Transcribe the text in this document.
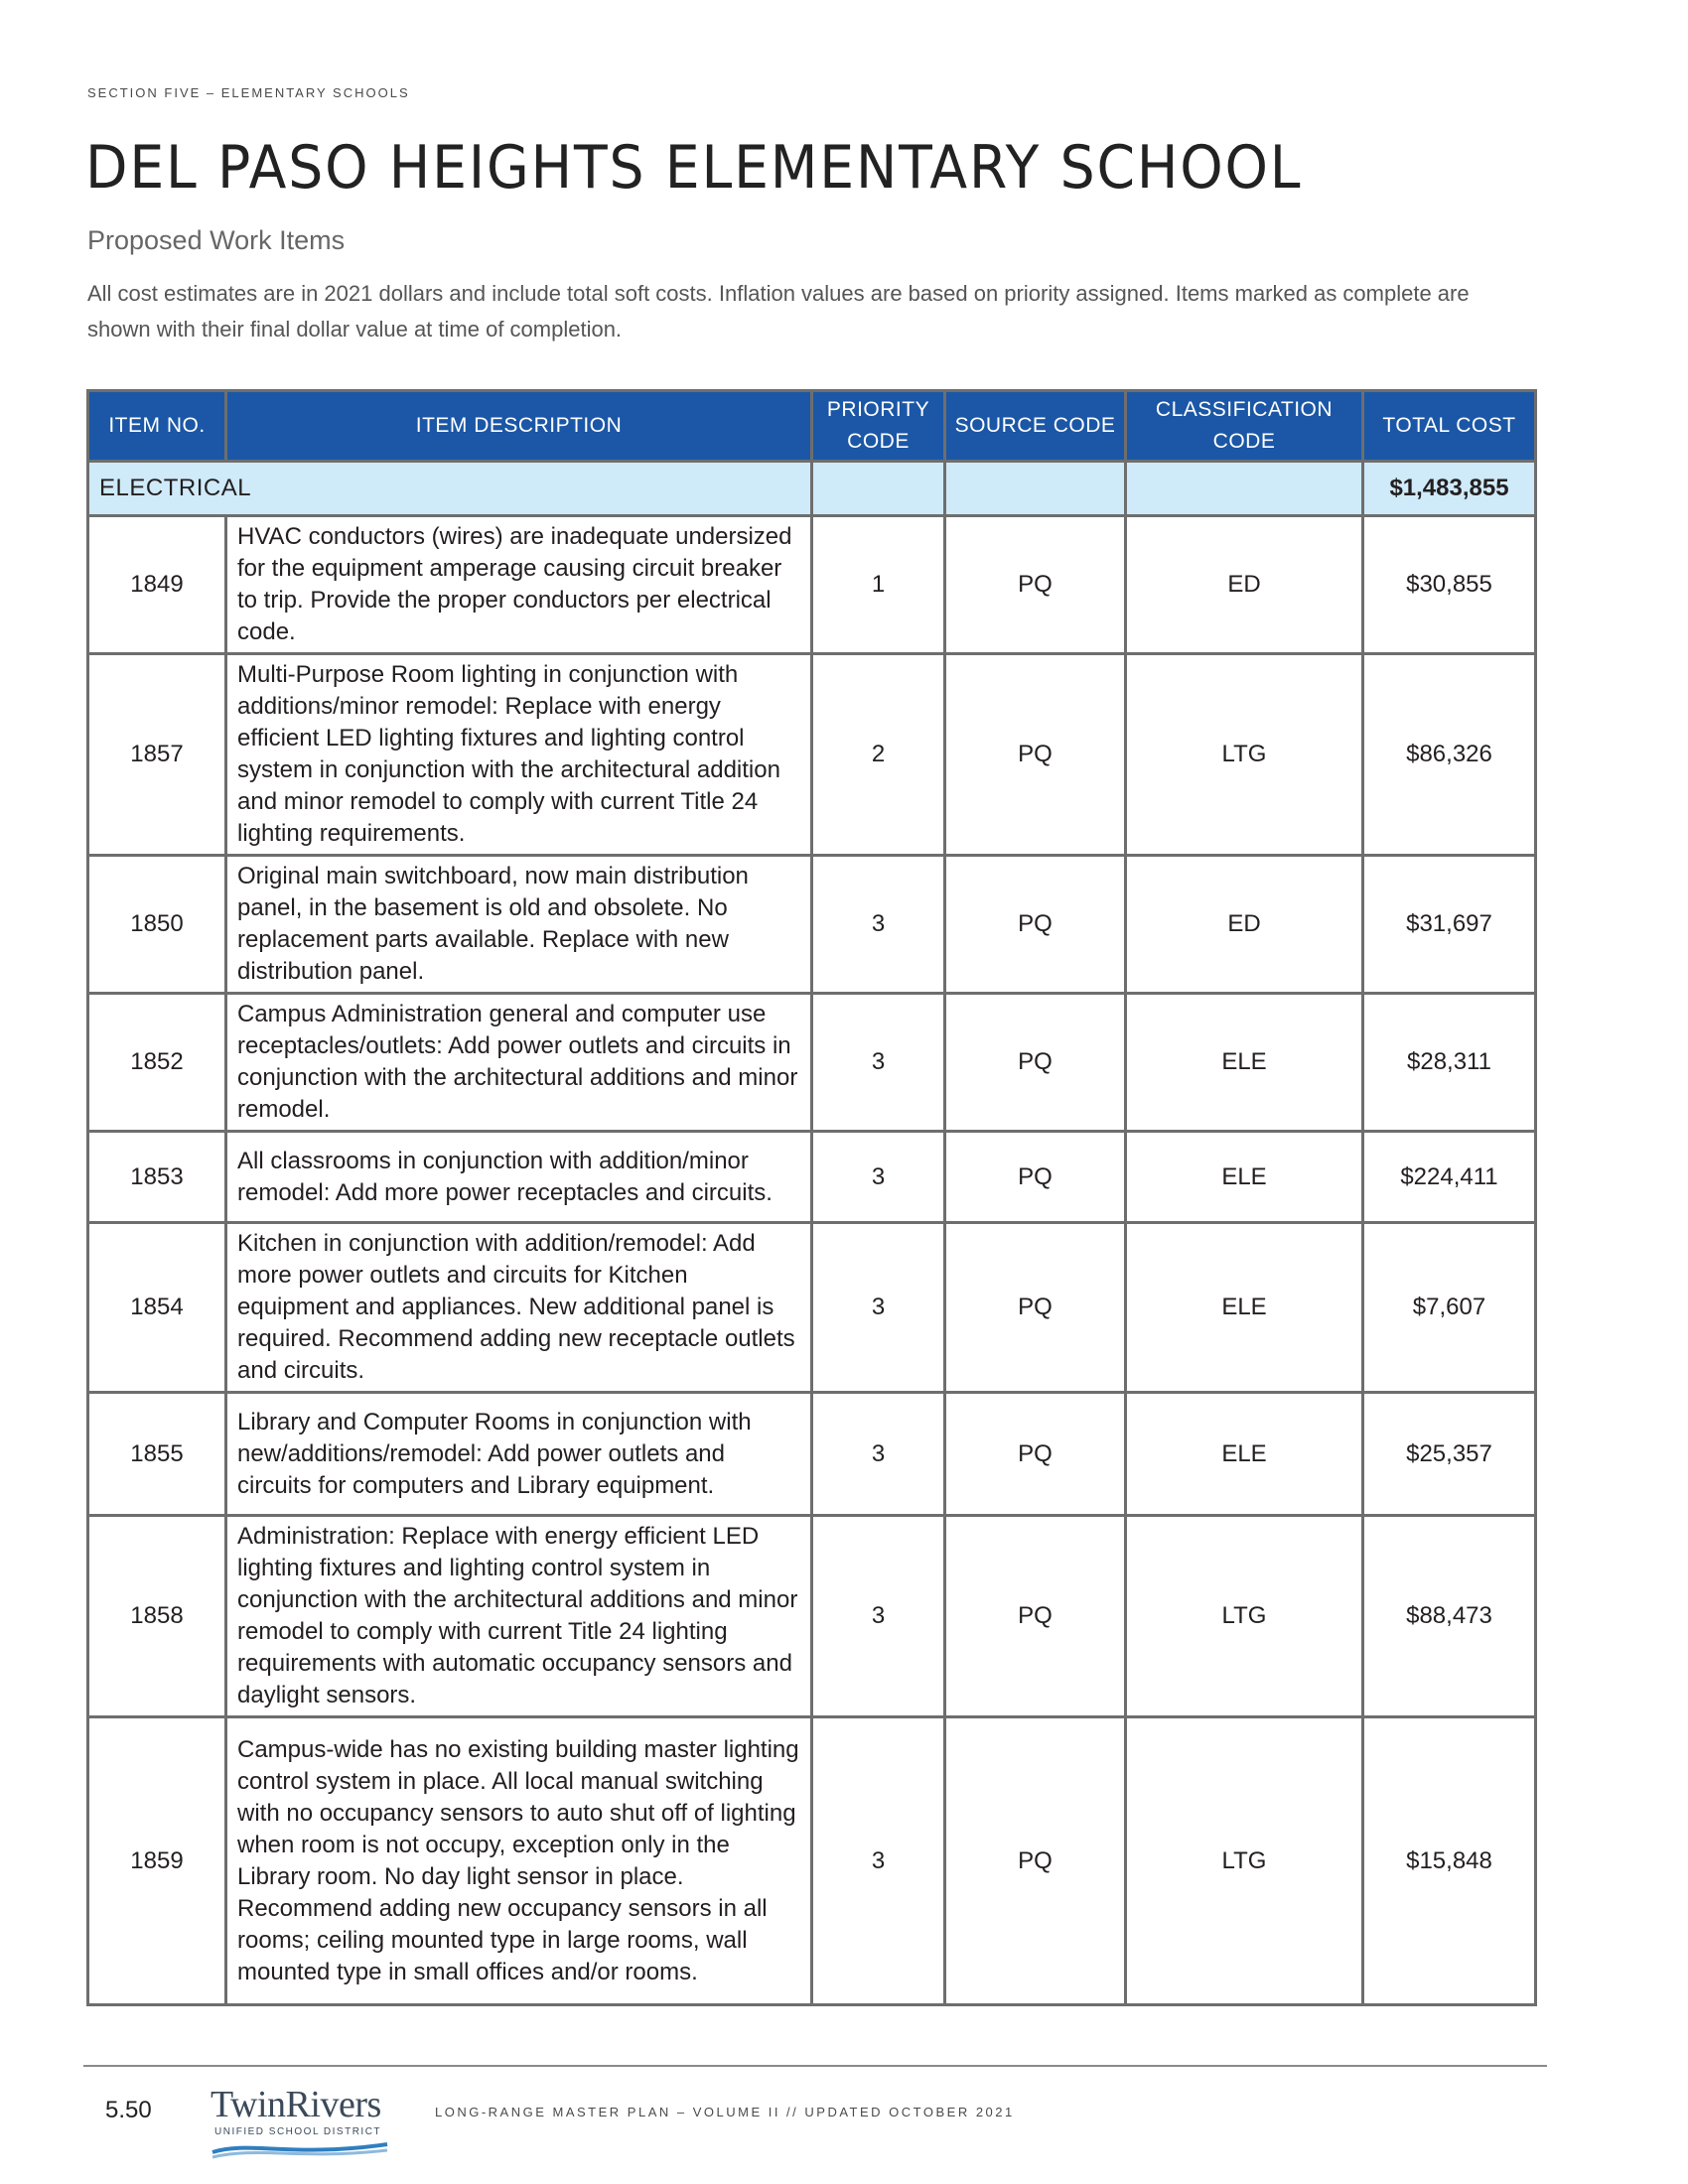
SECTION FIVE – ELEMENTARY SCHOOLS
DEL PASO HEIGHTS ELEMENTARY SCHOOL
Proposed Work Items
All cost estimates are in 2021 dollars and include total soft costs. Inflation values are based on priority assigned. Items marked as complete are shown with their final dollar value at time of completion.
ITEM NO.	ITEM DESCRIPTION	PRIORITY CODE	SOURCE CODE	CLASSIFICATION CODE	TOTAL COST
ELECTRICAL					$1,483,855
1849	HVAC conductors (wires) are inadequate undersized for the equipment amperage causing circuit breaker to trip. Provide the proper conductors per electrical code.	1	PQ	ED	$30,855
1857	Multi-Purpose Room lighting in conjunction with additions/minor remodel: Replace with energy efficient LED lighting fixtures and lighting control system in conjunction with the architectural addition and minor remodel to comply with current Title 24 lighting requirements.	2	PQ	LTG	$86,326
1850	Original main switchboard, now main distribution panel, in the basement is old and obsolete. No replacement parts available. Replace with new distribution panel.	3	PQ	ED	$31,697
1852	Campus Administration general and computer use receptacles/outlets: Add power outlets and circuits in conjunction with the architectural additions and minor remodel.	3	PQ	ELE	$28,311
1853	All classrooms in conjunction with addition/minor remodel: Add more power receptacles and circuits.	3	PQ	ELE	$224,411
1854	Kitchen in conjunction with addition/remodel: Add more power outlets and circuits for Kitchen equipment and appliances. New additional panel is required. Recommend adding new receptacle outlets and circuits.	3	PQ	ELE	$7,607
1855	Library and Computer Rooms in conjunction with new/additions/remodel: Add power outlets and circuits for computers and Library equipment.	3	PQ	ELE	$25,357
1858	Administration: Replace with energy efficient LED lighting fixtures and lighting control system in conjunction with the architectural additions and minor remodel to comply with current Title 24 lighting requirements with automatic occupancy sensors and daylight sensors.	3	PQ	LTG	$88,473
1859	Campus-wide has no existing building master lighting control system in place. All local manual switching with no occupancy sensors to auto shut off of lighting when room is not occupy, exception only in the Library room. No day light sensor in place. Recommend adding new occupancy sensors in all rooms; ceiling mounted type in large rooms, wall mounted type in small offices and/or rooms.	3	PQ	LTG	$15,848
5.50 TwinRivers
UNIFIED SCHOOL DISTRICT
LONG-RANGE MASTER PLAN – VOLUME II // UPDATED OCTOBER 2021
